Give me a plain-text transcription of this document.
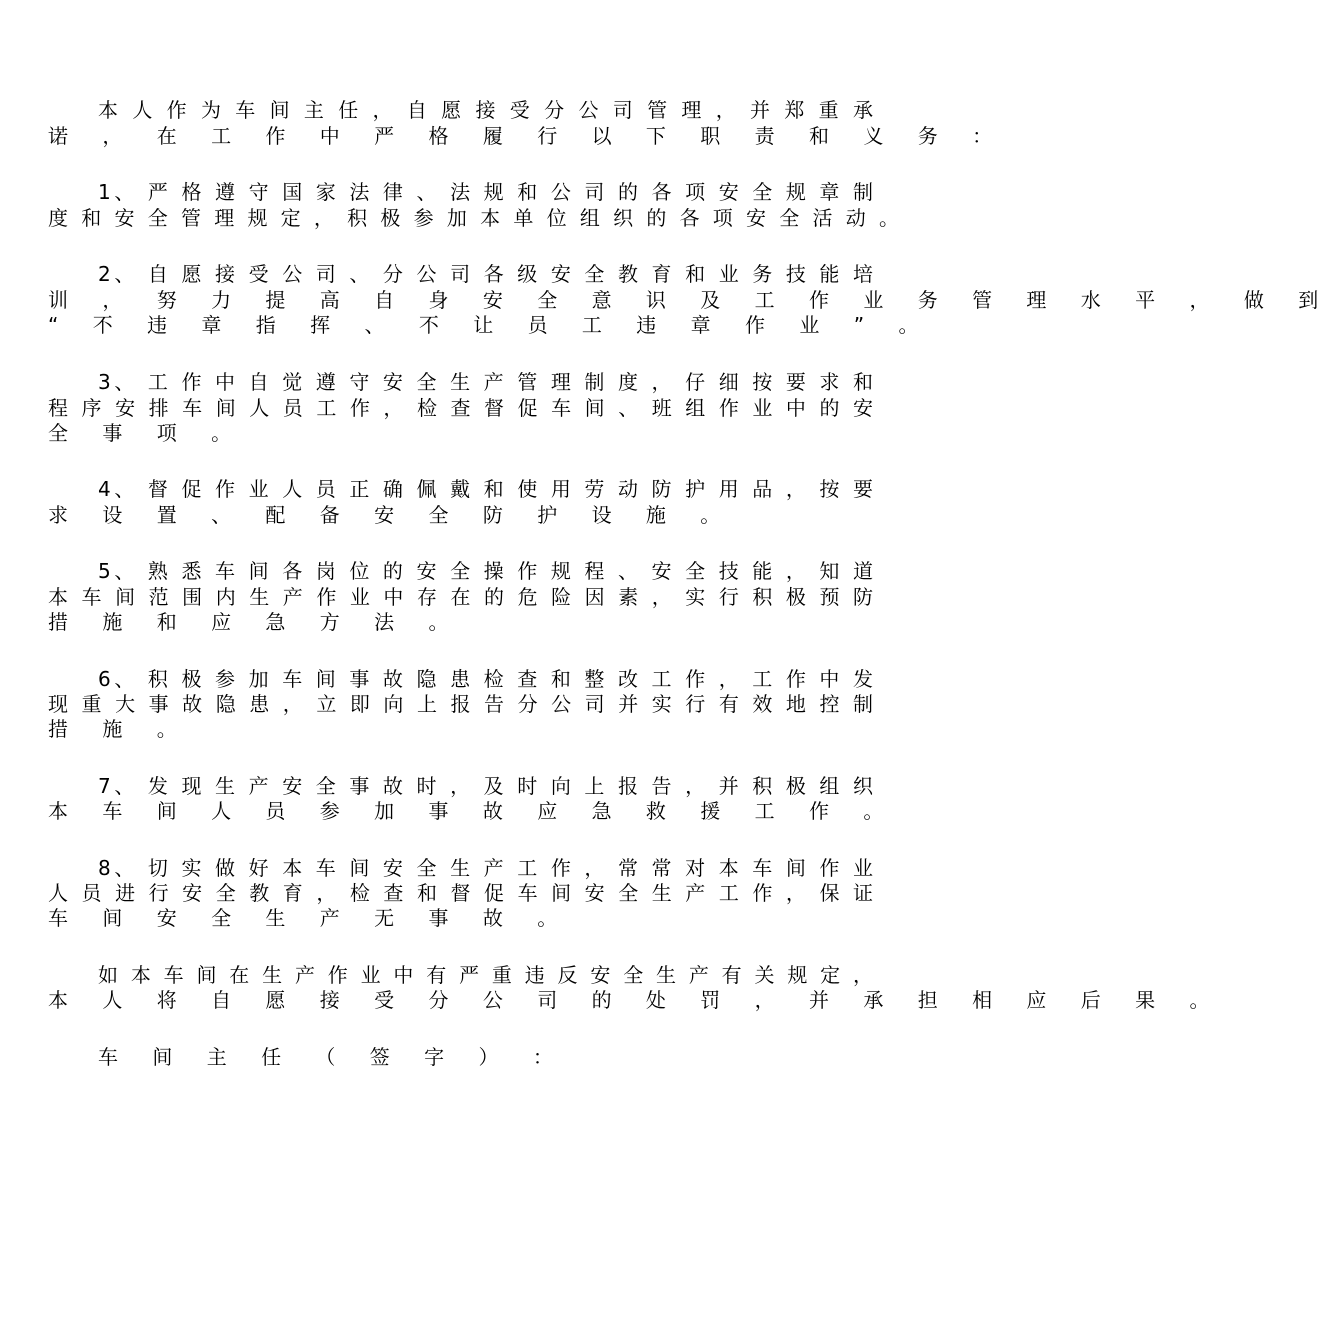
本 人 作 为 车 间 主 任 ， 自 愿 接 受 分 公 司 管 理 ， 并 郑 重 承
诺 ， 在 工 作 中 严 格 履 行 以 下 职 责 和 义 务 ：
1、 严 格 遵 守 国 家 法 律 、 法 规 和 公 司 的 各 项 安 全 规 章 制
度 和 安 全 管 理 规 定 ， 积 极 参 加 本 单 位 组 织 的 各 项 安 全 活 动 。
2、 自 愿 接 受 公 司 、 分 公 司 各 级 安 全 教 育 和 业 务 技 能 培
训 ， 努 力 提 高 自 身 安 全 意 识 及 工 作 业 务 管 理 水 平 ， 做 到
“ 不 违 章 指 挥 、 不 让 员 工 违 章 作 业 ” 。
3、 工 作 中 自 觉 遵 守 安 全 生 产 管 理 制 度 ， 仔 细 按 要 求 和
程 序 安 排 车 间 人 员 工 作 ， 检 查 督 促 车 间 、 班 组 作 业 中 的 安
全 事 项 。
4、 督 促 作 业 人 员 正 确 佩 戴 和 使 用 劳 动 防 护 用 品 ， 按 要
求 设 置 、 配 备 安 全 防 护 设 施 。
5、 熟 悉 车 间 各 岗 位 的 安 全 操 作 规 程 、 安 全 技 能 ， 知 道
本 车 间 范 围 内 生 产 作 业 中 存 在 的 危 险 因 素 ， 实 行 积 极 预 防
措 施 和 应 急 方 法 。
6、 积 极 参 加 车 间 事 故 隐 患 检 查 和 整 改 工 作 ， 工 作 中 发
现 重 大 事 故 隐 患 ， 立 即 向 上 报 告 分 公 司 并 实 行 有 效 地 控 制
措 施 。
7、 发 现 生 产 安 全 事 故 时 ， 及 时 向 上 报 告 ， 并 积 极 组 织
本 车 间 人 员 参 加 事 故 应 急 救 援 工 作 。
8、 切 实 做 好 本 车 间 安 全 生 产 工 作 ， 常 常 对 本 车 间 作 业
人 员 进 行 安 全 教 育 ， 检 查 和 督 促 车 间 安 全 生 产 工 作 ， 保 证
车 间 安 全 生 产 无 事 故 。
如 本 车 间 在 生 产 作 业 中 有 严 重 违 反 安 全 生 产 有 关 规 定 ，
本 人 将 自 愿 接 受 分 公 司 的 处 罚 ， 并 承 担 相 应 后 果 。
车 间 主 任 （ 签 字 ） ：
